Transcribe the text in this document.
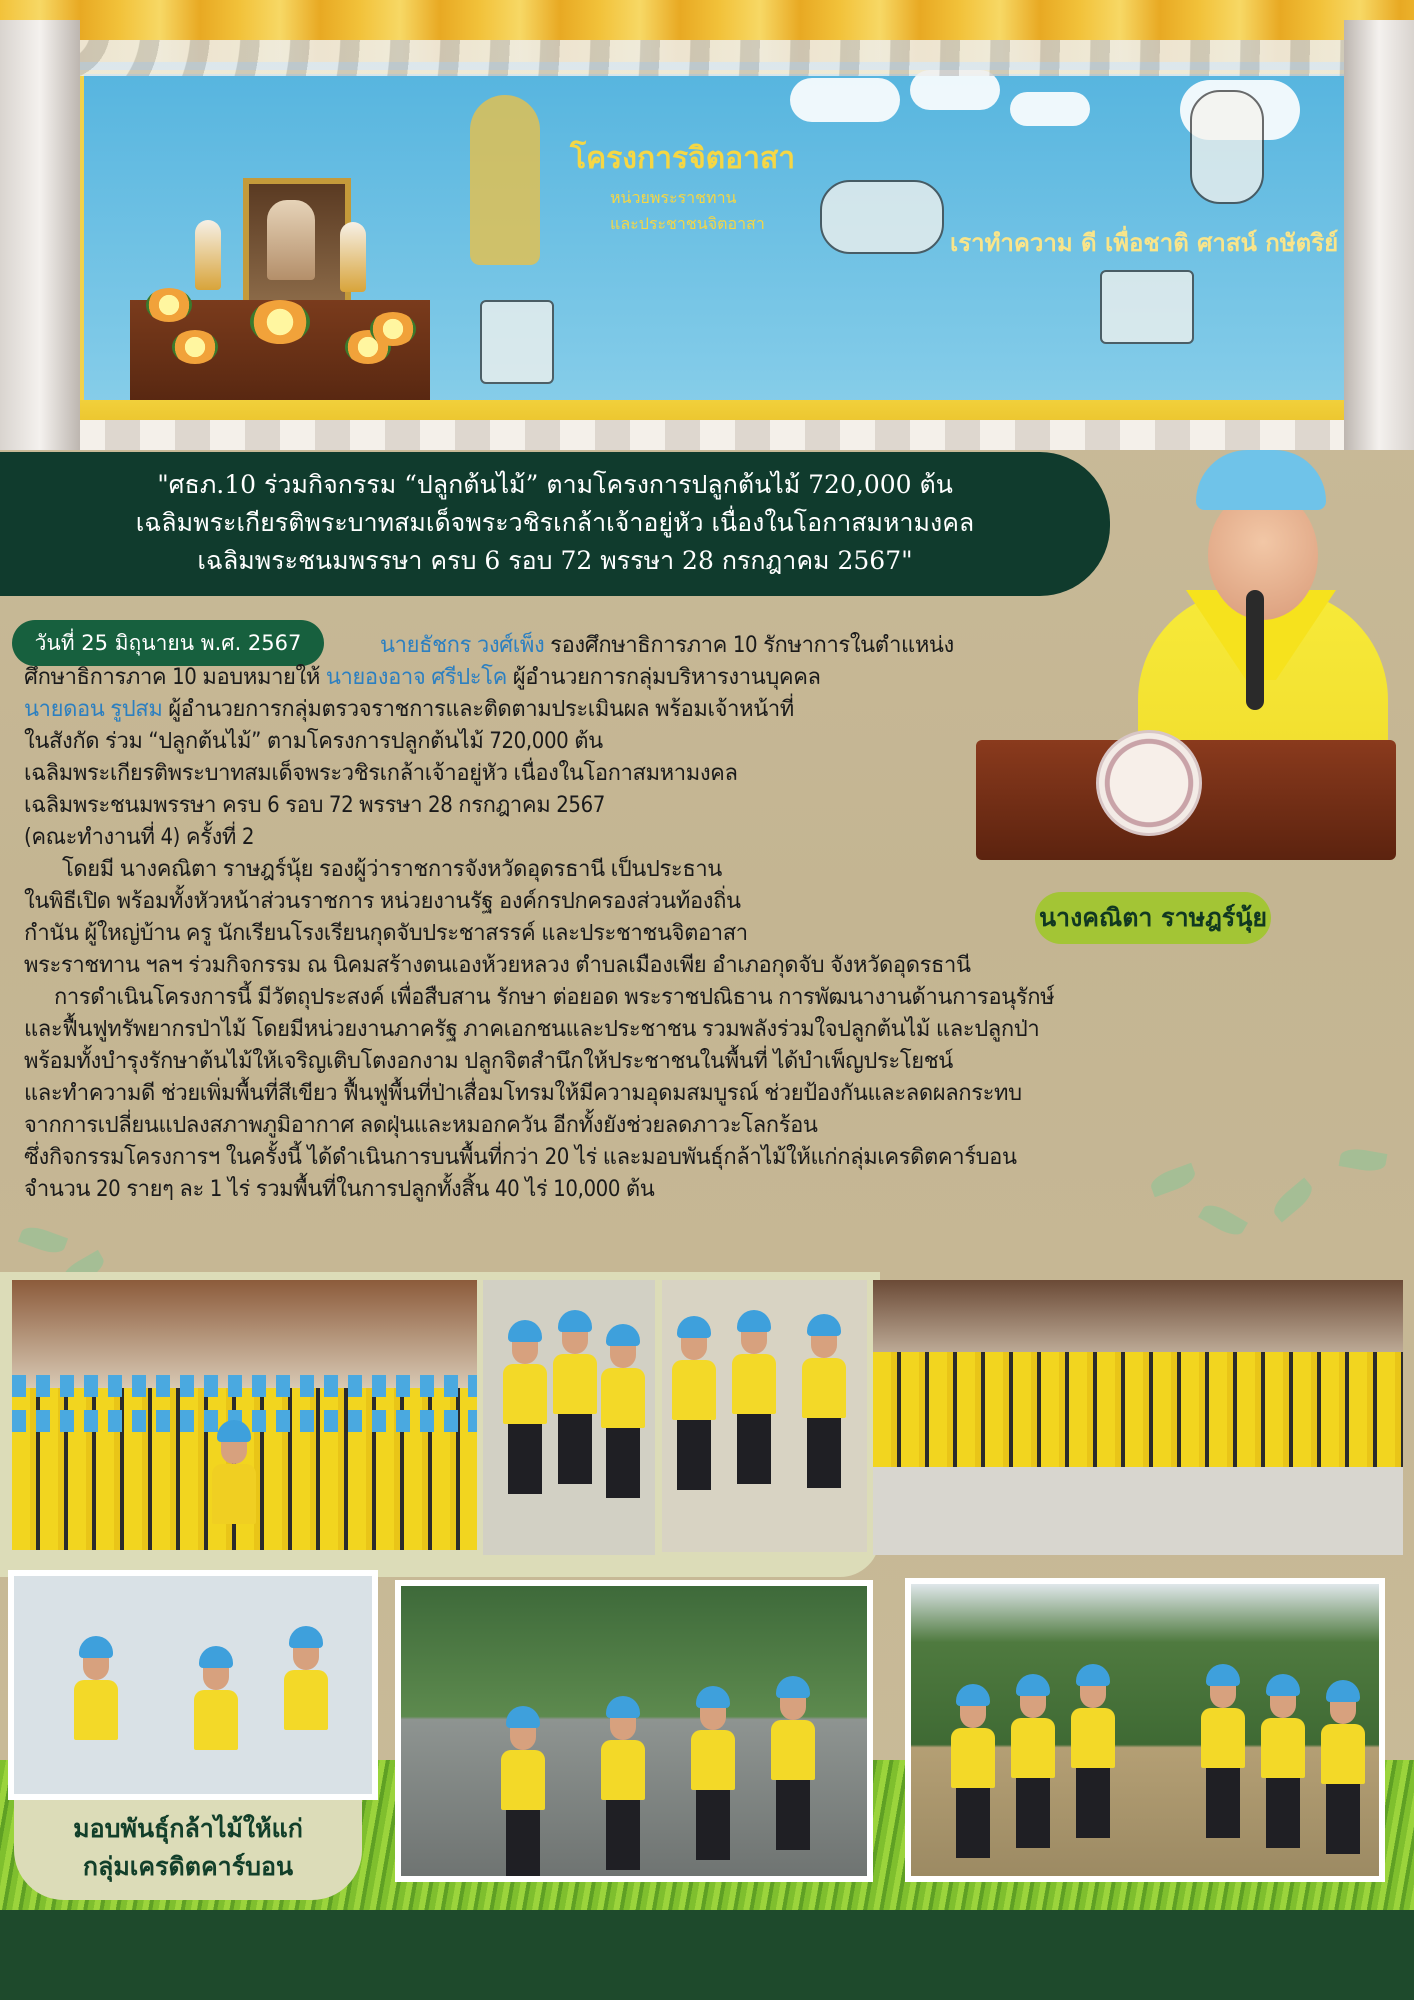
โครงการจิตอาสา
หน่วยพระราชทาน
และประชาชนจิตอาสา
เราทำความ ดี เพื่อชาติ ศาสน์ กษัตริย์
"ศธภ.10 ร่วมกิจกรรม “ปลูกต้นไม้” ตามโครงการปลูกต้นไม้ 720,000 ต้น
เฉลิมพระเกียรติพระบาทสมเด็จพระวชิรเกล้าเจ้าอยู่หัว เนื่องในโอกาสมหามงคล
เฉลิมพระชนมพรรษา ครบ 6 รอบ 72 พรรษา 28 กรกฎาคม 2567"
นางคณิตา ราษฎร์นุ้ย
วันที่ 25 มิถุนายน พ.ศ. 2567	นายธัชกร วงศ์เพ็ง รองศึกษาธิการภาค 10 รักษาการในตำแหน่ง
ศึกษาธิการภาค 10 มอบหมายให้ นายองอาจ ศรีปะโค ผู้อำนวยการกลุ่มบริหารงานบุคคล
นายดอน รูปสม ผู้อำนวยการกลุ่มตรวจราชการและติดตามประเมินผล พร้อมเจ้าหน้าที่
ในสังกัด ร่วม “ปลูกต้นไม้” ตามโครงการปลูกต้นไม้ 720,000 ต้น
เฉลิมพระเกียรติพระบาทสมเด็จพระวชิรเกล้าเจ้าอยู่หัว เนื่องในโอกาสมหามงคล
เฉลิมพระชนมพรรษา ครบ 6 รอบ 72 พรรษา 28 กรกฎาคม 2567
(คณะทำงานที่ 4) ครั้งที่ 2
โดยมี นางคณิตา ราษฎร์นุ้ย รองผู้ว่าราชการจังหวัดอุดรธานี เป็นประธาน
ในพิธีเปิด พร้อมทั้งหัวหน้าส่วนราชการ หน่วยงานรัฐ องค์กรปกครองส่วนท้องถิ่น
กำนัน ผู้ใหญ่บ้าน ครู นักเรียนโรงเรียนกุดจับประชาสรรค์ และประชาชนจิตอาสา
พระราชทาน ฯลฯ ร่วมกิจกรรม ณ นิคมสร้างตนเองห้วยหลวง ตำบลเมืองเพีย อำเภอกุดจับ จังหวัดอุดรธานี
การดำเนินโครงการนี้ มีวัตถุประสงค์ เพื่อสืบสาน รักษา ต่อยอด พระราชปณิธาน การพัฒนางานด้านการอนุรักษ์
และฟื้นฟูทรัพยากรป่าไม้ โดยมีหน่วยงานภาครัฐ ภาคเอกชนและประชาชน รวมพลังร่วมใจปลูกต้นไม้ และปลูกป่า
พร้อมทั้งบำรุงรักษาต้นไม้ให้เจริญเติบโตงอกงาม ปลูกจิตสำนึกให้ประชาชนในพื้นที่ ได้บำเพ็ญประโยชน์
และทำความดี ช่วยเพิ่มพื้นที่สีเขียว ฟื้นฟูพื้นที่ป่าเสื่อมโทรมให้มีความอุดมสมบูรณ์ ช่วยป้องกันและลดผลกระทบ
จากการเปลี่ยนแปลงสภาพภูมิอากาศ ลดฝุ่นและหมอกควัน อีกทั้งยังช่วยลดภาวะโลกร้อน
ซึ่งกิจกรรมโครงการฯ ในครั้งนี้ ได้ดำเนินการบนพื้นที่กว่า 20 ไร่ และมอบพันธุ์กล้าไม้ให้แก่กลุ่มเครดิตคาร์บอน
จำนวน 20 รายๆ ละ 1 ไร่ รวมพื้นที่ในการปลูกทั้งสิ้น 40 ไร่ 10,000 ต้น
มอบพันธุ์กล้าไม้ให้แก่
กลุ่มเครดิตคาร์บอน
